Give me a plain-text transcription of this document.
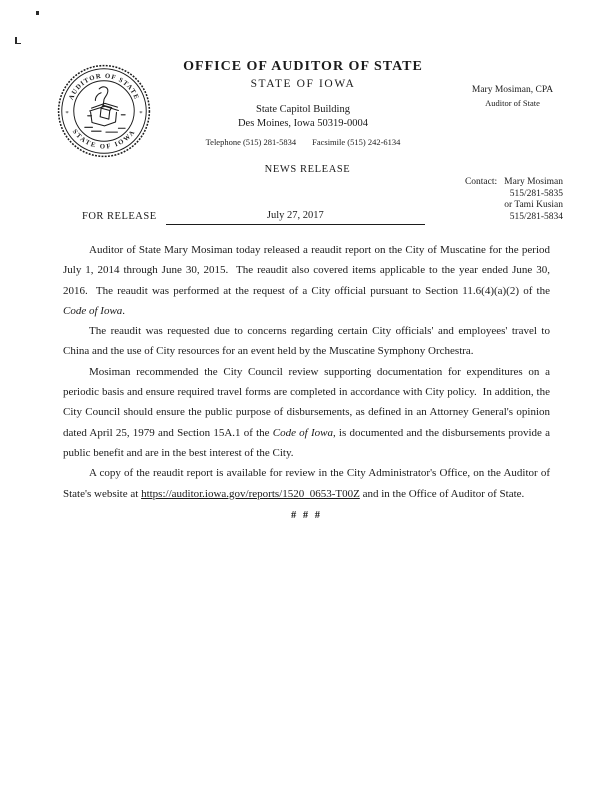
AUDITOR OF STATE
STATE OF IOWA
*	*
OFFICE OF AUDITOR OF STATE
STATE OF IOWA
State Capitol Building
Des Moines, Iowa 50319-0004
Telephone (515) 281-5834 Facsimile (515) 242-6134
Mary Mosiman, CPA
Auditor of State
NEWS RELEASE
Contact: Mary Mosiman
515/281-5835
or Tami Kusian
515/281-5834
FOR RELEASE	July 27, 2017

Auditor of State Mary Mosiman today released a reaudit report on the City of Muscatine for the period July 1, 2014 through June 30, 2015.  The reaudit also covered items applicable to the year ended June 30, 2016.  The reaudit was performed at the request of a City official pursuant to Section 11.6(4)(a)(2) of the Code of Iowa.

The reaudit was requested due to concerns regarding certain City officials' and employees' travel to China and the use of City resources for an event held by the Muscatine Symphony Orchestra.

Mosiman recommended the City Council review supporting documentation for expenditures on a periodic basis and ensure required travel forms are completed in accordance with City policy.  In addition, the City Council should ensure the public purpose of disbursements, as defined in an Attorney General's opinion dated April 25, 1979 and Section 15A.1 of the Code of Iowa, is documented and the disbursements provide a public benefit and are in the best interest of the City.

A copy of the reaudit report is available for review in the City Administrator's Office, on the Auditor of State's website at https://auditor.iowa.gov/reports/1520_0653-T00Z and in the Office of Auditor of State.

# # #
